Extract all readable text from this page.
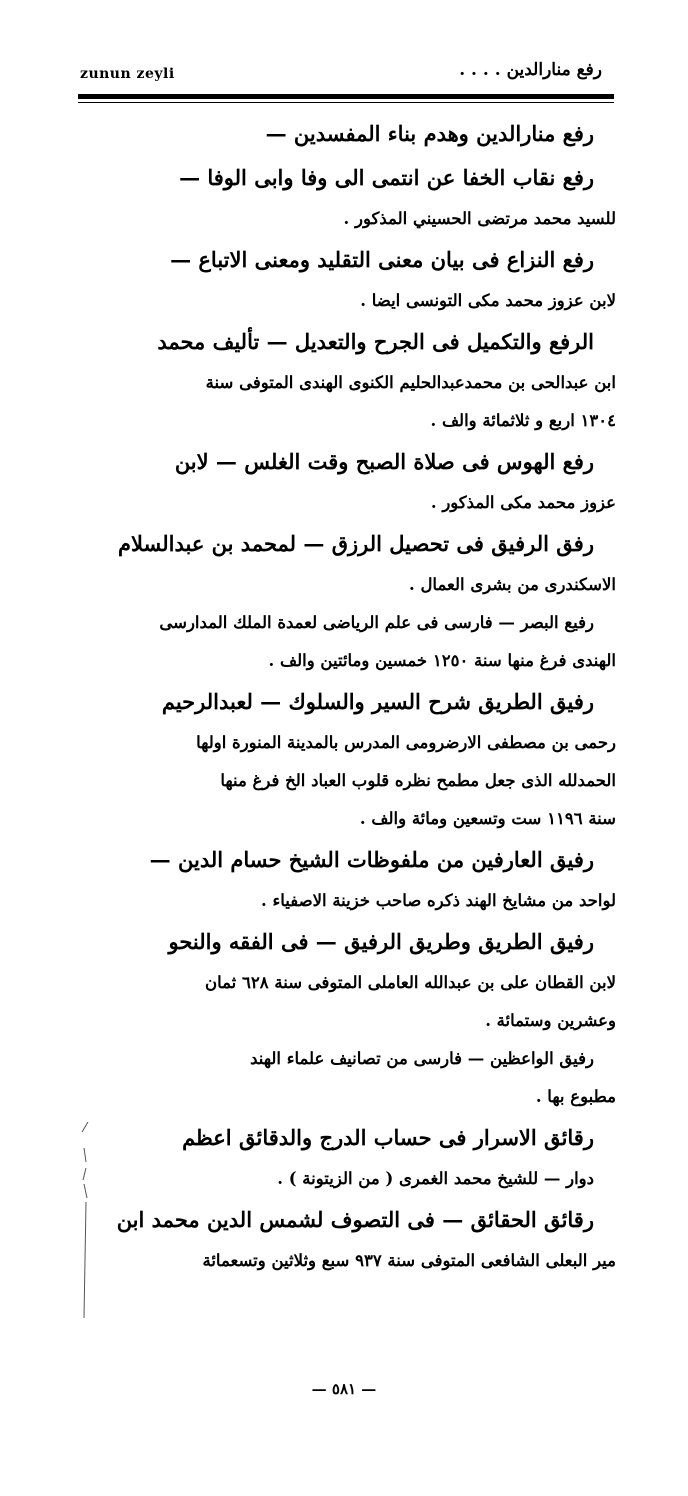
zunun zeyli	رفع منارالدين . . . .
رفع منارالدين وهدم بناء المفسدين —
رفع نقاب الخفا عن انتمى الى وفا وابى الوفا —
للسيد محمد مرتضى الحسيني المذكور .
رفع النزاع فى بيان معنى التقليد ومعنى الاتباع —
لابن عزوز محمد مكى التونسى ايضا .
الرفع والتكميل فى الجرح والتعديل — تأليف محمد
ابن عبدالحى بن محمدعبدالحليم الكنوى الهندى المتوفى سنة
١٣٠٤ اربع و ثلاثمائة والف .
رفع الهوس فى صلاة الصبح وقت الغلس — لابن
عزوز محمد مكى المذكور .
رفق الرفيق فى تحصيل الرزق — لمحمد بن عبدالسلام
الاسكندرى من بشرى العمال .
رفيع البصر — فارسى فى علم الرياضى لعمدة الملك المدارسى
الهندى فرغ منها سنة ١٢٥٠ خمسين ومائتين والف .
رفيق الطريق شرح السير والسلوك — لعبدالرحيم
رحمى بن مصطفى الارضرومى المدرس بالمدينة المنورة اولها
الحمدلله الذى جعل مطمح نظره قلوب العباد الخ فرغ منها
سنة ١١٩٦ ست وتسعين ومائة والف .
رفيق العارفين من ملفوظات الشيخ حسام الدين —
لواحد من مشايخ الهند ذكره صاحب خزينة الاصفياء .
رفيق الطريق وطريق الرفيق — فى الفقه والنحو
لابن القطان على بن عبدالله العاملى المتوفى سنة ٦٢٨ ثمان
وعشرين وستمائة .
رفيق الواعظين — فارسى من تصانيف علماء الهند
مطبوع بها .
رقائق الاسرار فى حساب الدرج والدقائق اعظم
دوار — للشيخ محمد الغمرى ( من الزيتونة ) .
رقائق الحقائق — فى التصوف لشمس الدين محمد ابن
مير البعلى الشافعى المتوفى سنة ٩٣٧ سبع وثلاثين وتسعمائة
— ٥٨١ —
